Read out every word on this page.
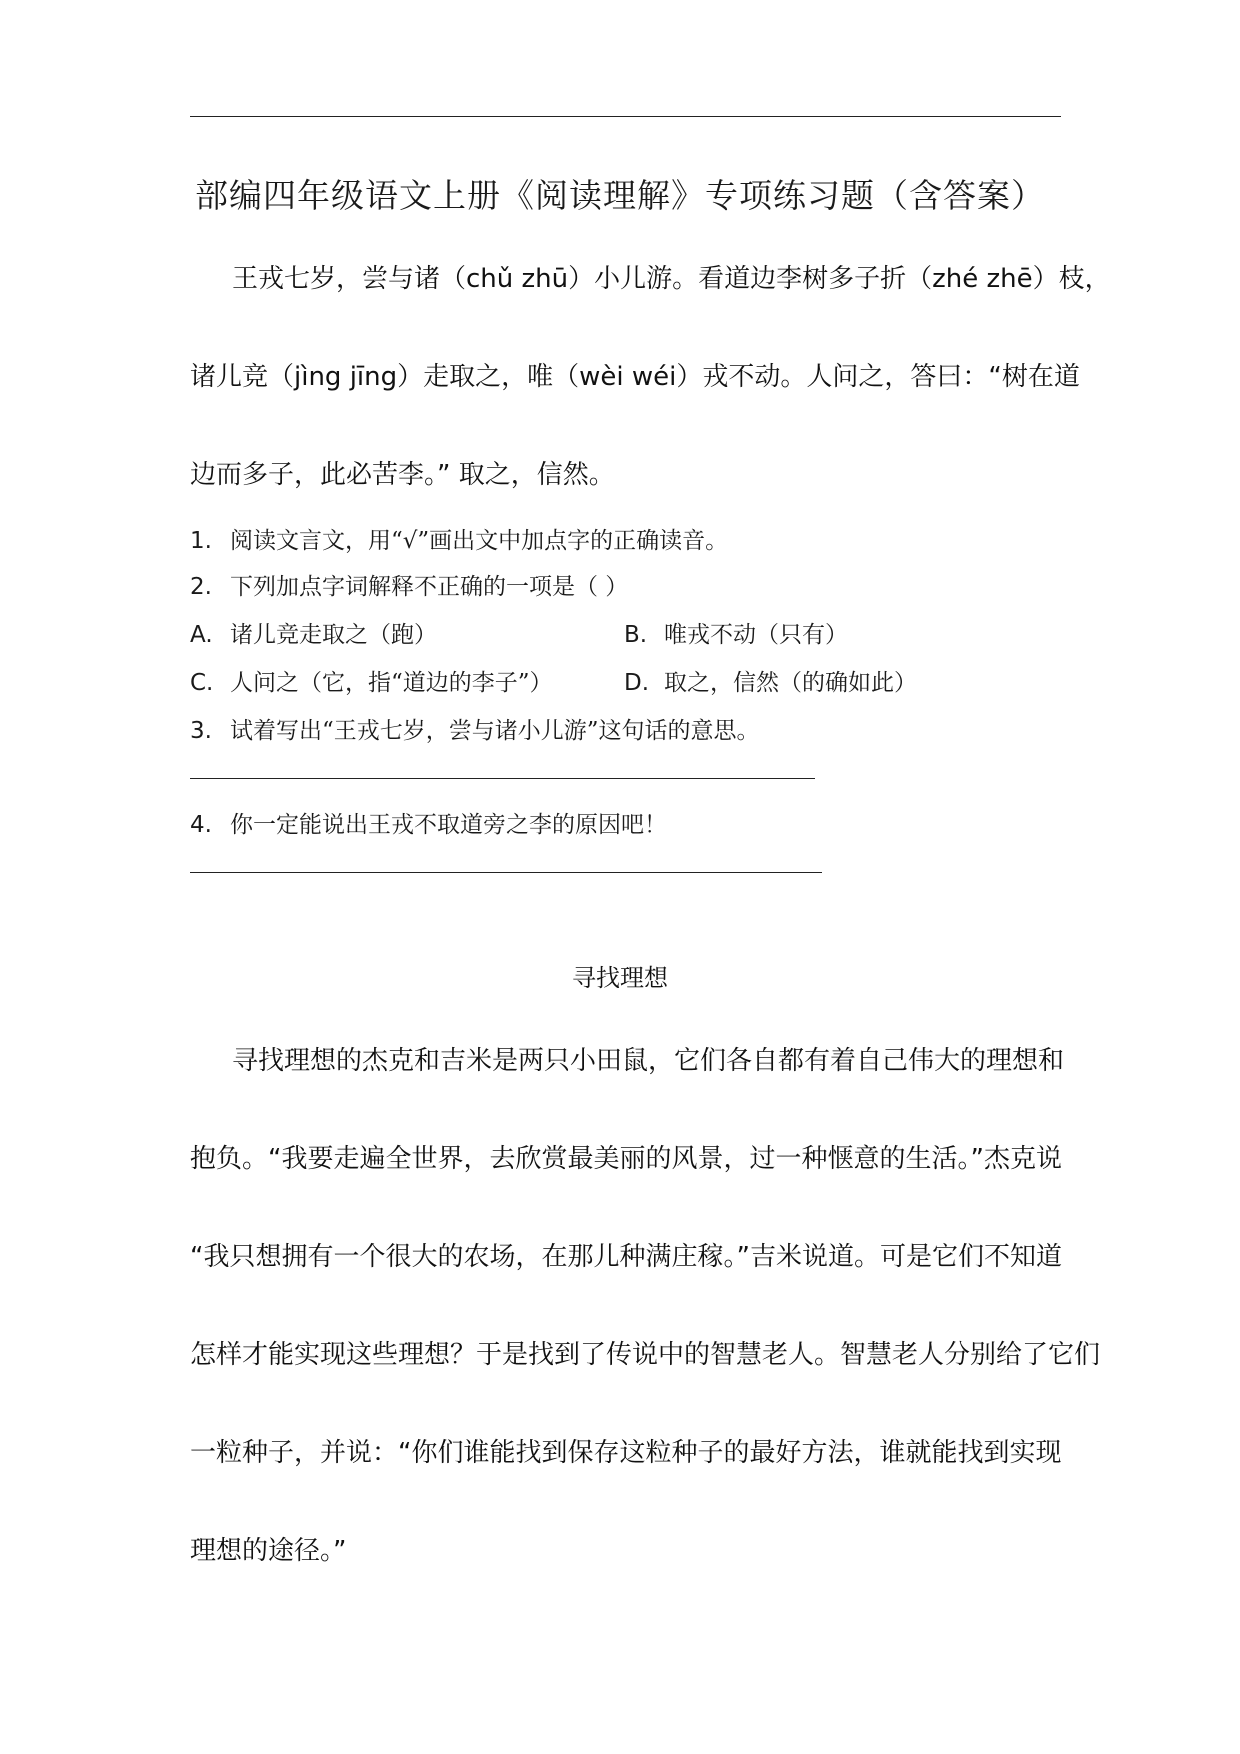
部编四年级语文上册《阅读理解》专项练习题（含答案）
王戎七岁，尝与诸（chǔ zhū）小儿游。看道边李树多子折（zhé zhē）枝，
诸儿竞（jìng jīng）走取之，唯（wèi wéi）戎不动。人问之，答曰：“树在道
边而多子，此必苦李。” 取之，信然。
1. 阅读文言文，用“√”画出文中加点字的正确读音。
2. 下列加点字词解释不正确的一项是（ ）
A. 诸儿竞走取之（跑）	B. 唯戎不动（只有）
C. 人问之（它，指“道边的李子”）	D. 取之，信然（的确如此）
3. 试着写出“王戎七岁，尝与诸小儿游”这句话的意思。
4. 你一定能说出王戎不取道旁之李的原因吧！
寻找理想
寻找理想的杰克和吉米是两只小田鼠，它们各自都有着自己伟大的理想和
抱负。“我要走遍全世界，去欣赏最美丽的风景，过一种惬意的生活。”杰克说
“我只想拥有一个很大的农场，在那儿种满庄稼。”吉米说道。可是它们不知道
怎样才能实现这些理想？于是找到了传说中的智慧老人。智慧老人分别给了它们
一粒种子，并说：“你们谁能找到保存这粒种子的最好方法，谁就能找到实现
理想的途径。”
